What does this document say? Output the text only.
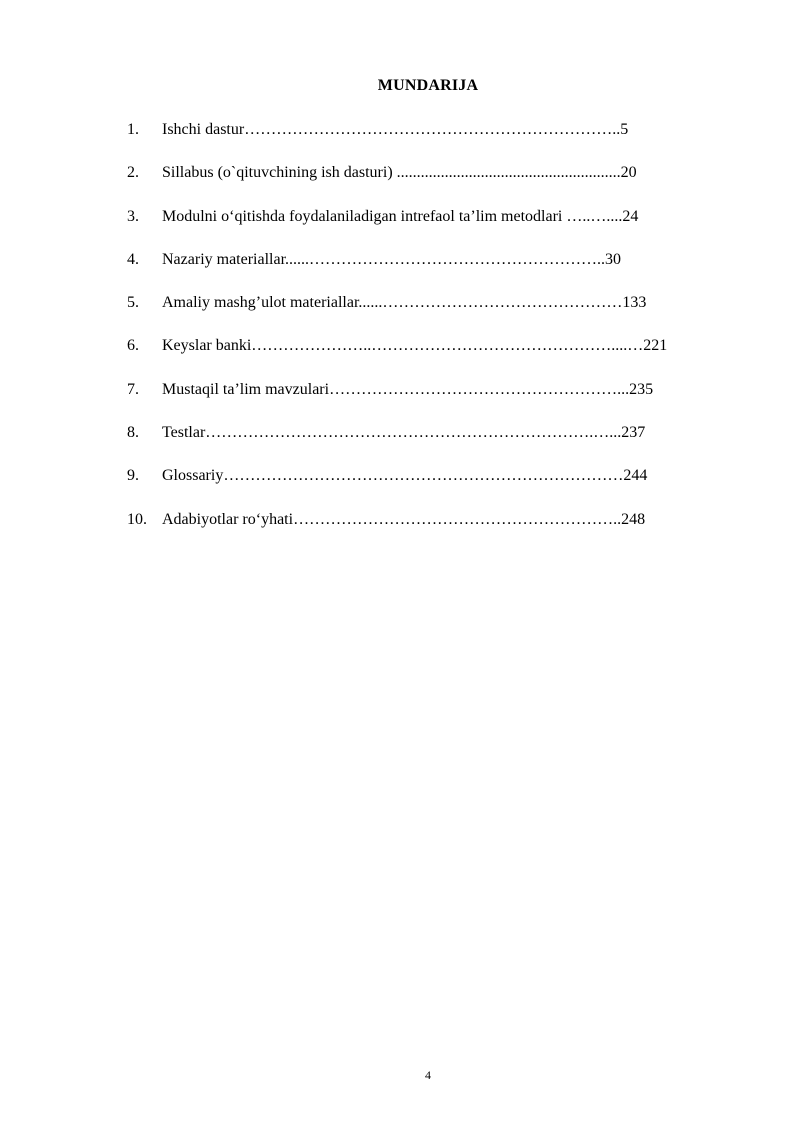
MUNDARIJA
1. Ishchi dastur……………………………………………………………..5
2. Sillabus (o`qituvchining ish dasturi) ........................................................20
3. Modulni o‘qitishda foydalaniladigan intrefaol ta’lim metodlari …..…....24
4. Nazariy materiallar......………………………………………………..30
5. Amaliy mashg’ulot materiallar......………………………………………133
6. Keyslar banki…………………..………………………………………....…221
7. Mustaqil ta’lim mavzulari………………………………………………...235
8. Testlar……………………………………………………………….…...237
9. Glossariy…………………………………………………………………244
10. Adabiyotlar ro‘yhati……………………………………………………..248
4
